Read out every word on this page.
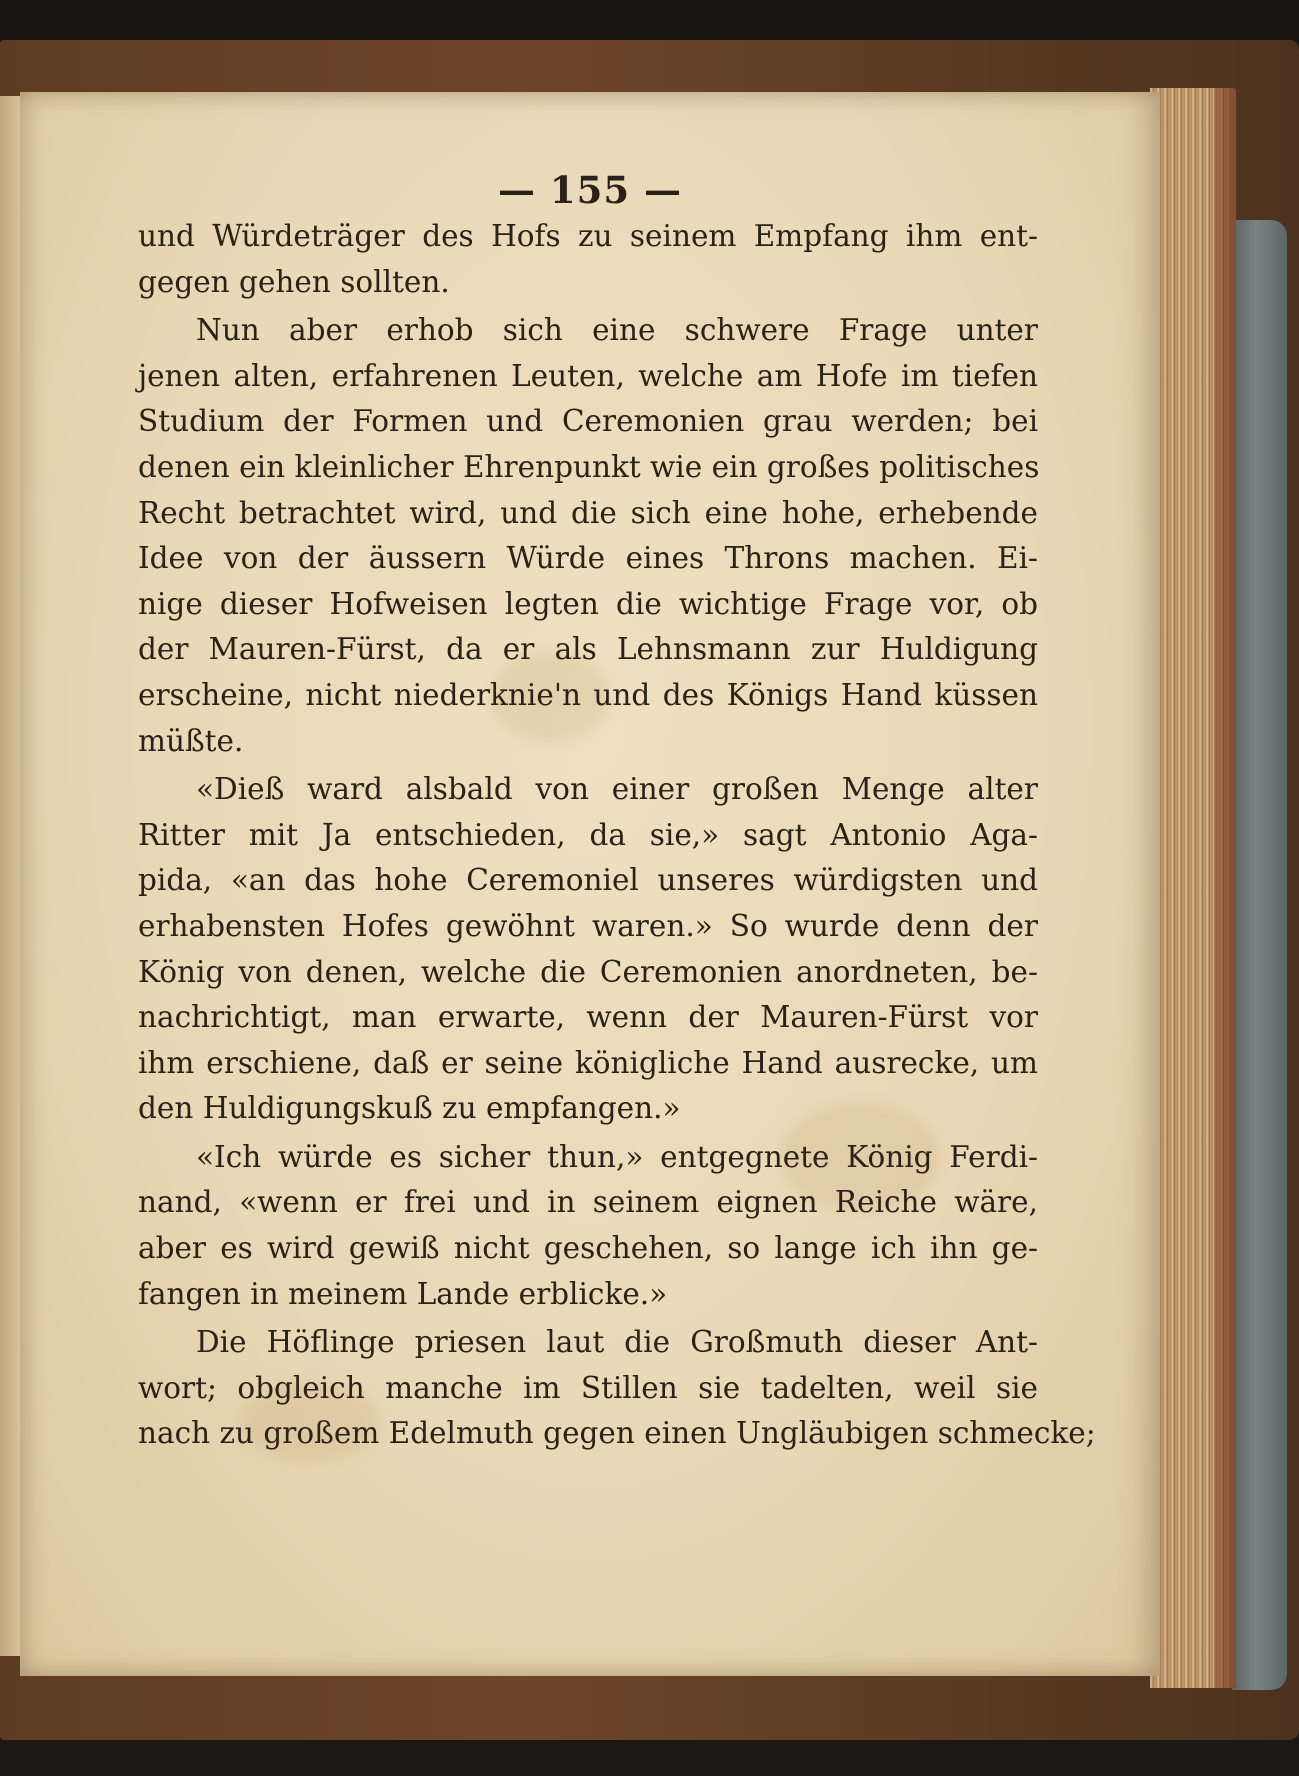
— 155 —
und Würdeträger des Hofs zu seinem Empfang ihm ent-
gegen gehen sollten.
Nun aber erhob sich eine schwere Frage unter
jenen alten, erfahrenen Leuten, welche am Hofe im tiefen
Studium der Formen und Ceremonien grau werden; bei
denen ein kleinlicher Ehrenpunkt wie ein großes politisches
Recht betrachtet wird, und die sich eine hohe, erhebende
Idee von der äussern Würde eines Throns machen. Ei-
nige dieser Hofweisen legten die wichtige Frage vor, ob
der Mauren-Fürst, da er als Lehnsmann zur Huldigung
erscheine, nicht niederknie'n und des Königs Hand küssen
müßte.
«Dieß ward alsbald von einer großen Menge alter
Ritter mit Ja entschieden, da sie,» sagt Antonio Aga-
pida, «an das hohe Ceremoniel unseres würdigsten und
erhabensten Hofes gewöhnt waren.» So wurde denn der
König von denen, welche die Ceremonien anordneten, be-
nachrichtigt, man erwarte, wenn der Mauren-Fürst vor
ihm erschiene, daß er seine königliche Hand ausrecke, um
den Huldigungskuß zu empfangen.»
«Ich würde es sicher thun,» entgegnete König Ferdi-
nand, «wenn er frei und in seinem eignen Reiche wäre,
aber es wird gewiß nicht geschehen, so lange ich ihn ge-
fangen in meinem Lande erblicke.»
Die Höflinge priesen laut die Großmuth dieser Ant-
wort; obgleich manche im Stillen sie tadelten, weil sie
nach zu großem Edelmuth gegen einen Ungläubigen schmecke;
